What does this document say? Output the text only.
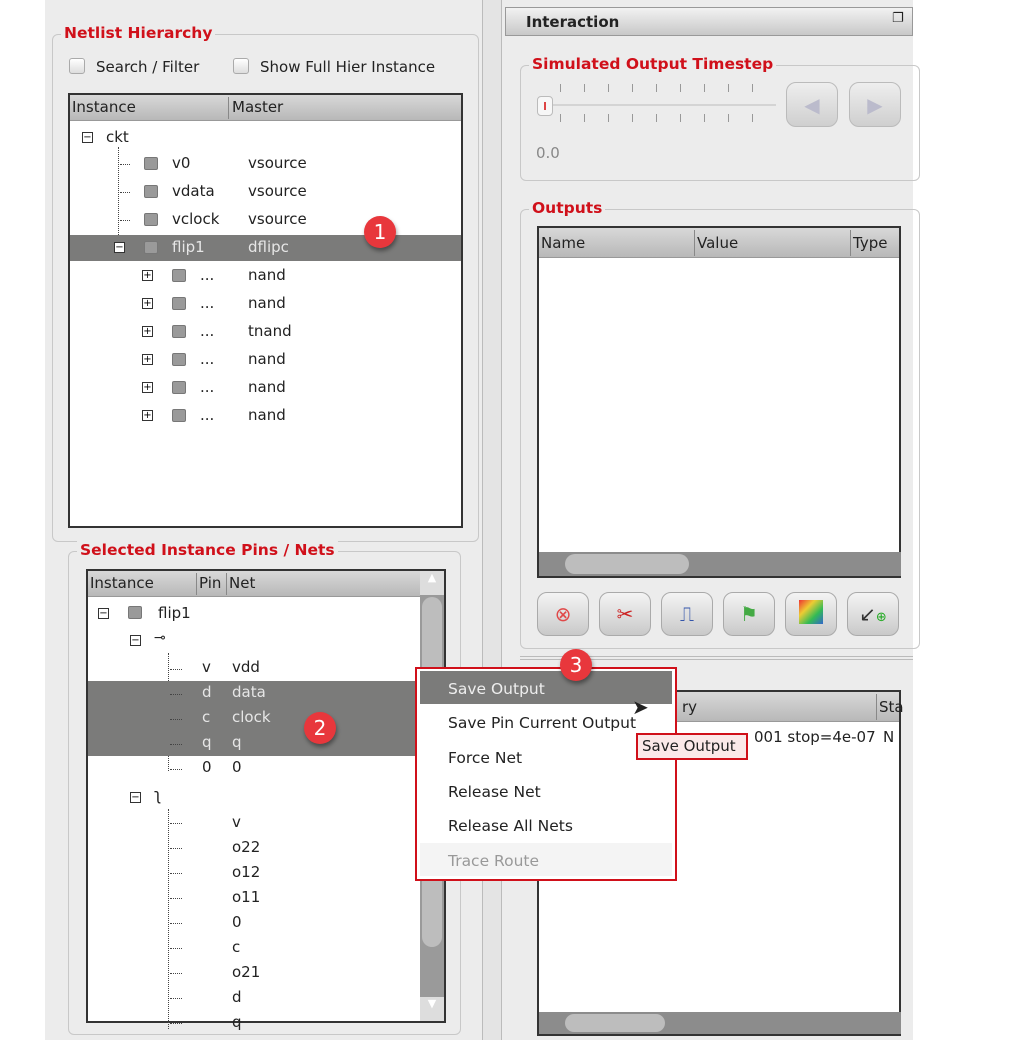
Netlist Hierarchy
Search / Filter	Show Full Hier Instance
Instance	Master
− ckt
v0	vsource
vdata vsource
vclock vsource
−	flip1	dflipc
+	... nand
+	... nand
+	... tnand
+	... nand
+	... nand
+	... nand
1
Selected Instance Pins / Nets
Instance	Pin Net
−	flip1
− ⊸
v vdd
d data
c clock
q q
0 0
− ʅ
v
o22
o12
o11
0
c
o21
d
q
▲
▼
2
Interaction	❐
Simulated Output Timestep
◀	▶
0.0
Outputs
Name	Value	Type
⊗ ✂ ⎍ ⚑	↙⊕
ry	Sta
001 stop=4e-07 N
Save Output
Save Pin Current Output
Force Net
Release Net
Release All Nets
Trace Route
Save Output
➤
3
